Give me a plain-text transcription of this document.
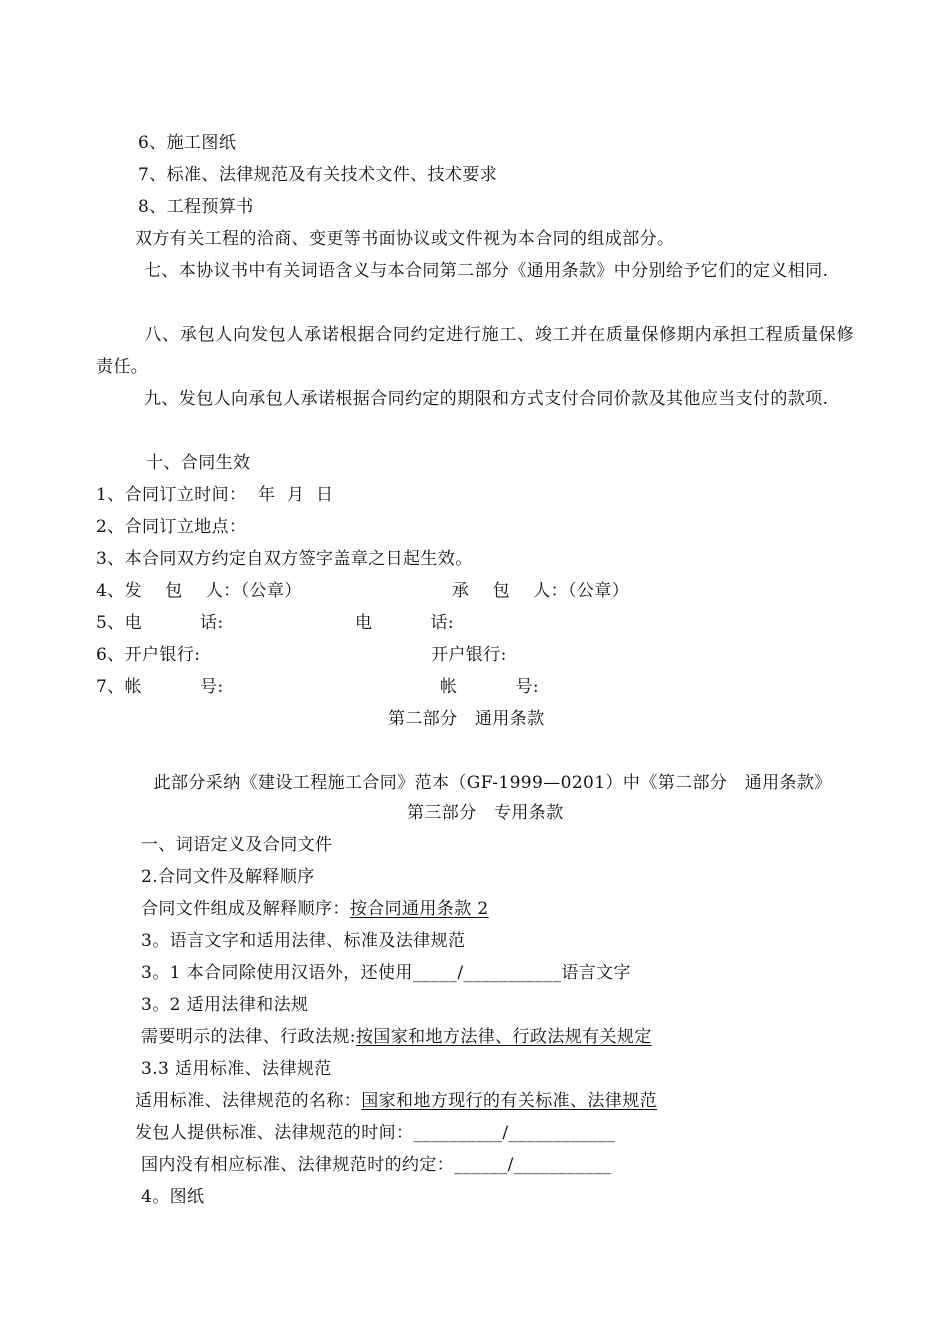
6、施工图纸
7、标准、法律规范及有关技术文件、技术要求
8、工程预算书
双方有关工程的洽商、变更等书面协议或文件视为本合同的组成部分。
七、本协议书中有关词语含义与本合同第二部分《通用条款》中分别给予它们的定义相同.
八、承包人向发包人承诺根据合同约定进行施工、竣工并在质量保修期内承担工程质量保修责任。
九、发包人向承包人承诺根据合同约定的期限和方式支付合同价款及其他应当支付的款项.
十、合同生效
1、合同订立时间：  年  月  日
2、合同订立地点：
3、本合同双方约定自双方签字盖章之日起生效。
4、发    包    人：（公章）	承    包    人：（公章）
5、电          话:	电          话:
6、开户银行:	开户银行:
7、帐          号:	帐          号:
第二部分   通用条款

此部分采纳《建设工程施工合同》范本（GF-1999—0201）中《第二部分   通用条款》

第三部分   专用条款
一、词语定义及合同文件
2.合同文件及解释顺序
合同文件组成及解释顺序：按合同通用条款 2
3。语言文字和适用法律、标准及法律规范
3。1 本合同除使用汉语外，还使用_____/___________语言文字
3。2 适用法律和法规
需要明示的法律、行政法规:按国家和地方法律、行政法规有关规定
3.3 适用标准、法律规范
适用标准、法律规范的名称：国家和地方现行的有关标准、法律规范
发包人提供标准、法律规范的时间：__________/____________
国内没有相应标准、法律规范时的约定：______/___________
4。图纸
